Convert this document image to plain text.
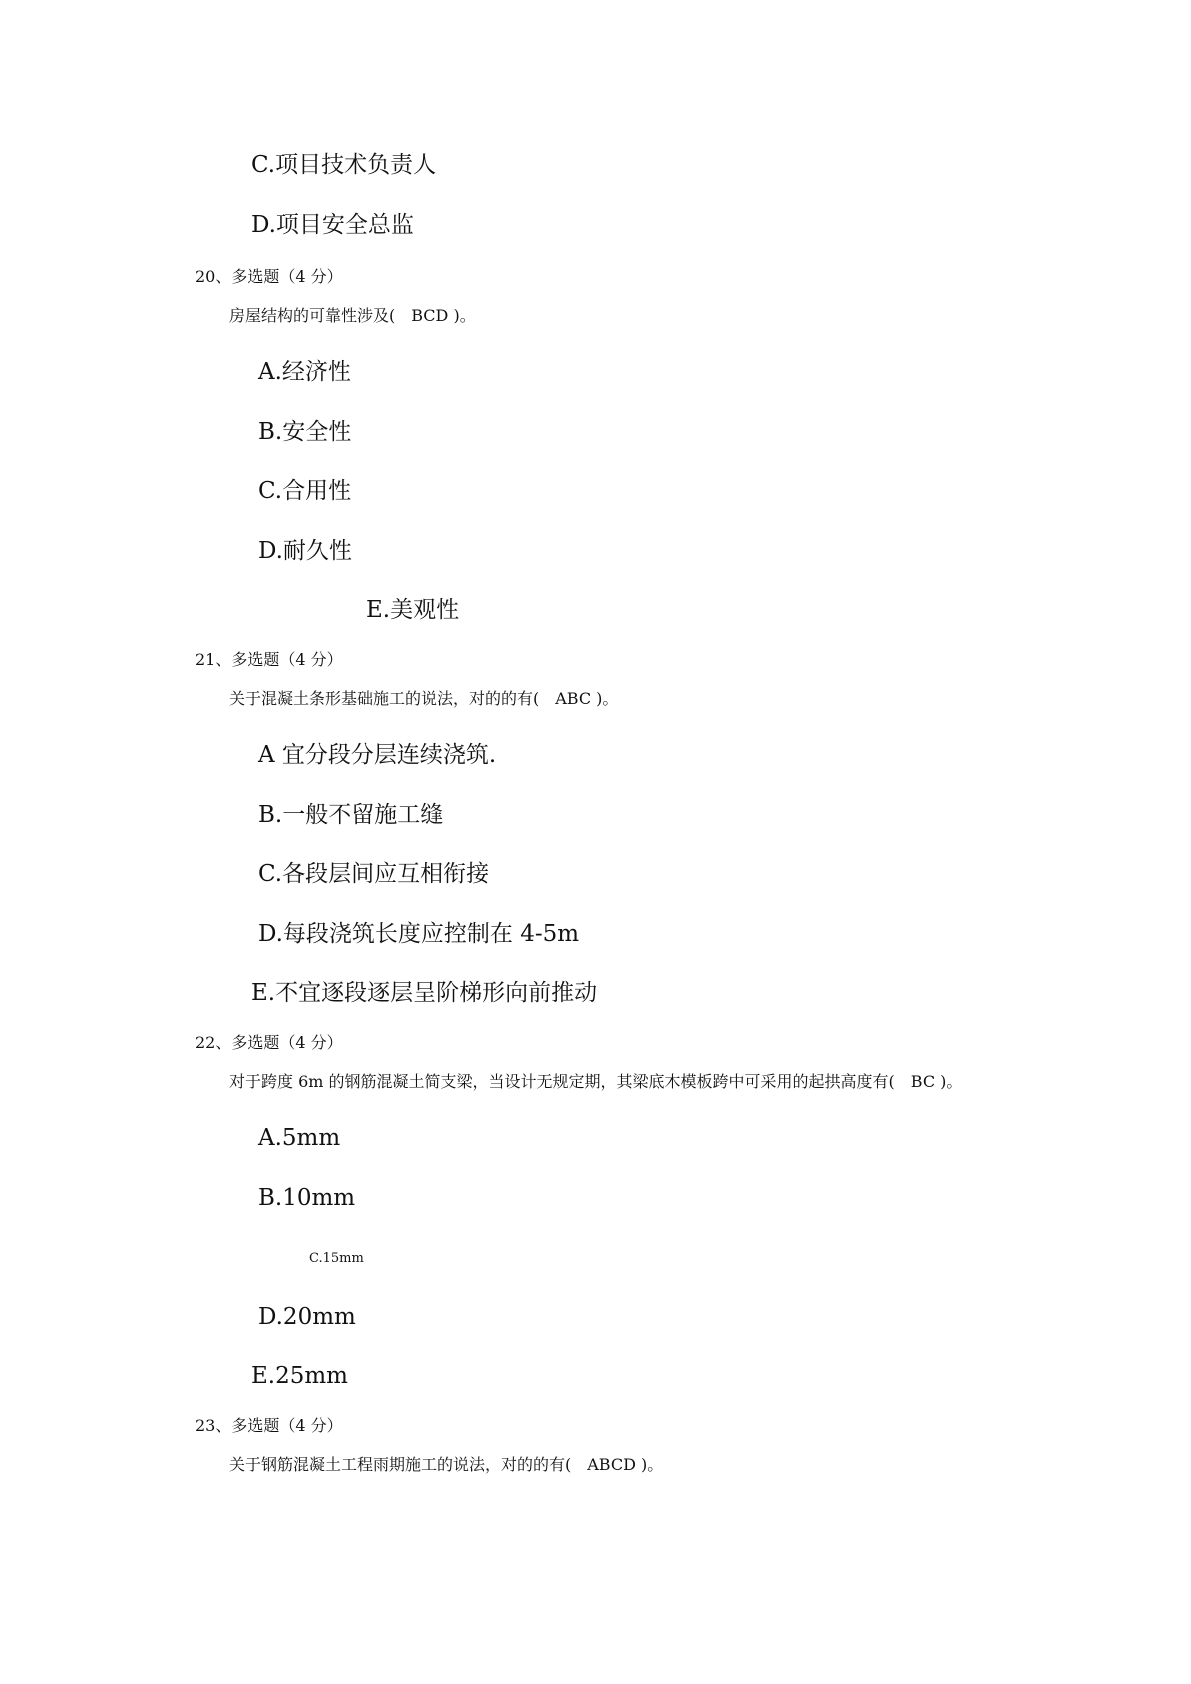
C.项目技术负责人
D.项目安全总监
20、多选题（4 分）
房屋结构的可靠性涉及(　BCD )。
A.经济性
B.安全性
C.合用性
D.耐久性
E.美观性
21、多选题（4 分）
关于混凝土条形基础施工的说法，对的的有(　ABC )。
A 宜分段分层连续浇筑.
B.一般不留施工缝
C.各段层间应互相衔接
D.每段浇筑长度应控制在 4-5m
E.不宜逐段逐层呈阶梯形向前推动
22、多选题（4 分）
对于跨度 6m 的钢筋混凝土简支梁，当设计无规定期，其梁底木模板跨中可采用的起拱高度有(　BC )。
A.5mm
B.10mm
C.15mm
D.20mm
E.25mm
23、多选题（4 分）
关于钢筋混凝土工程雨期施工的说法，对的的有(　ABCD )。
